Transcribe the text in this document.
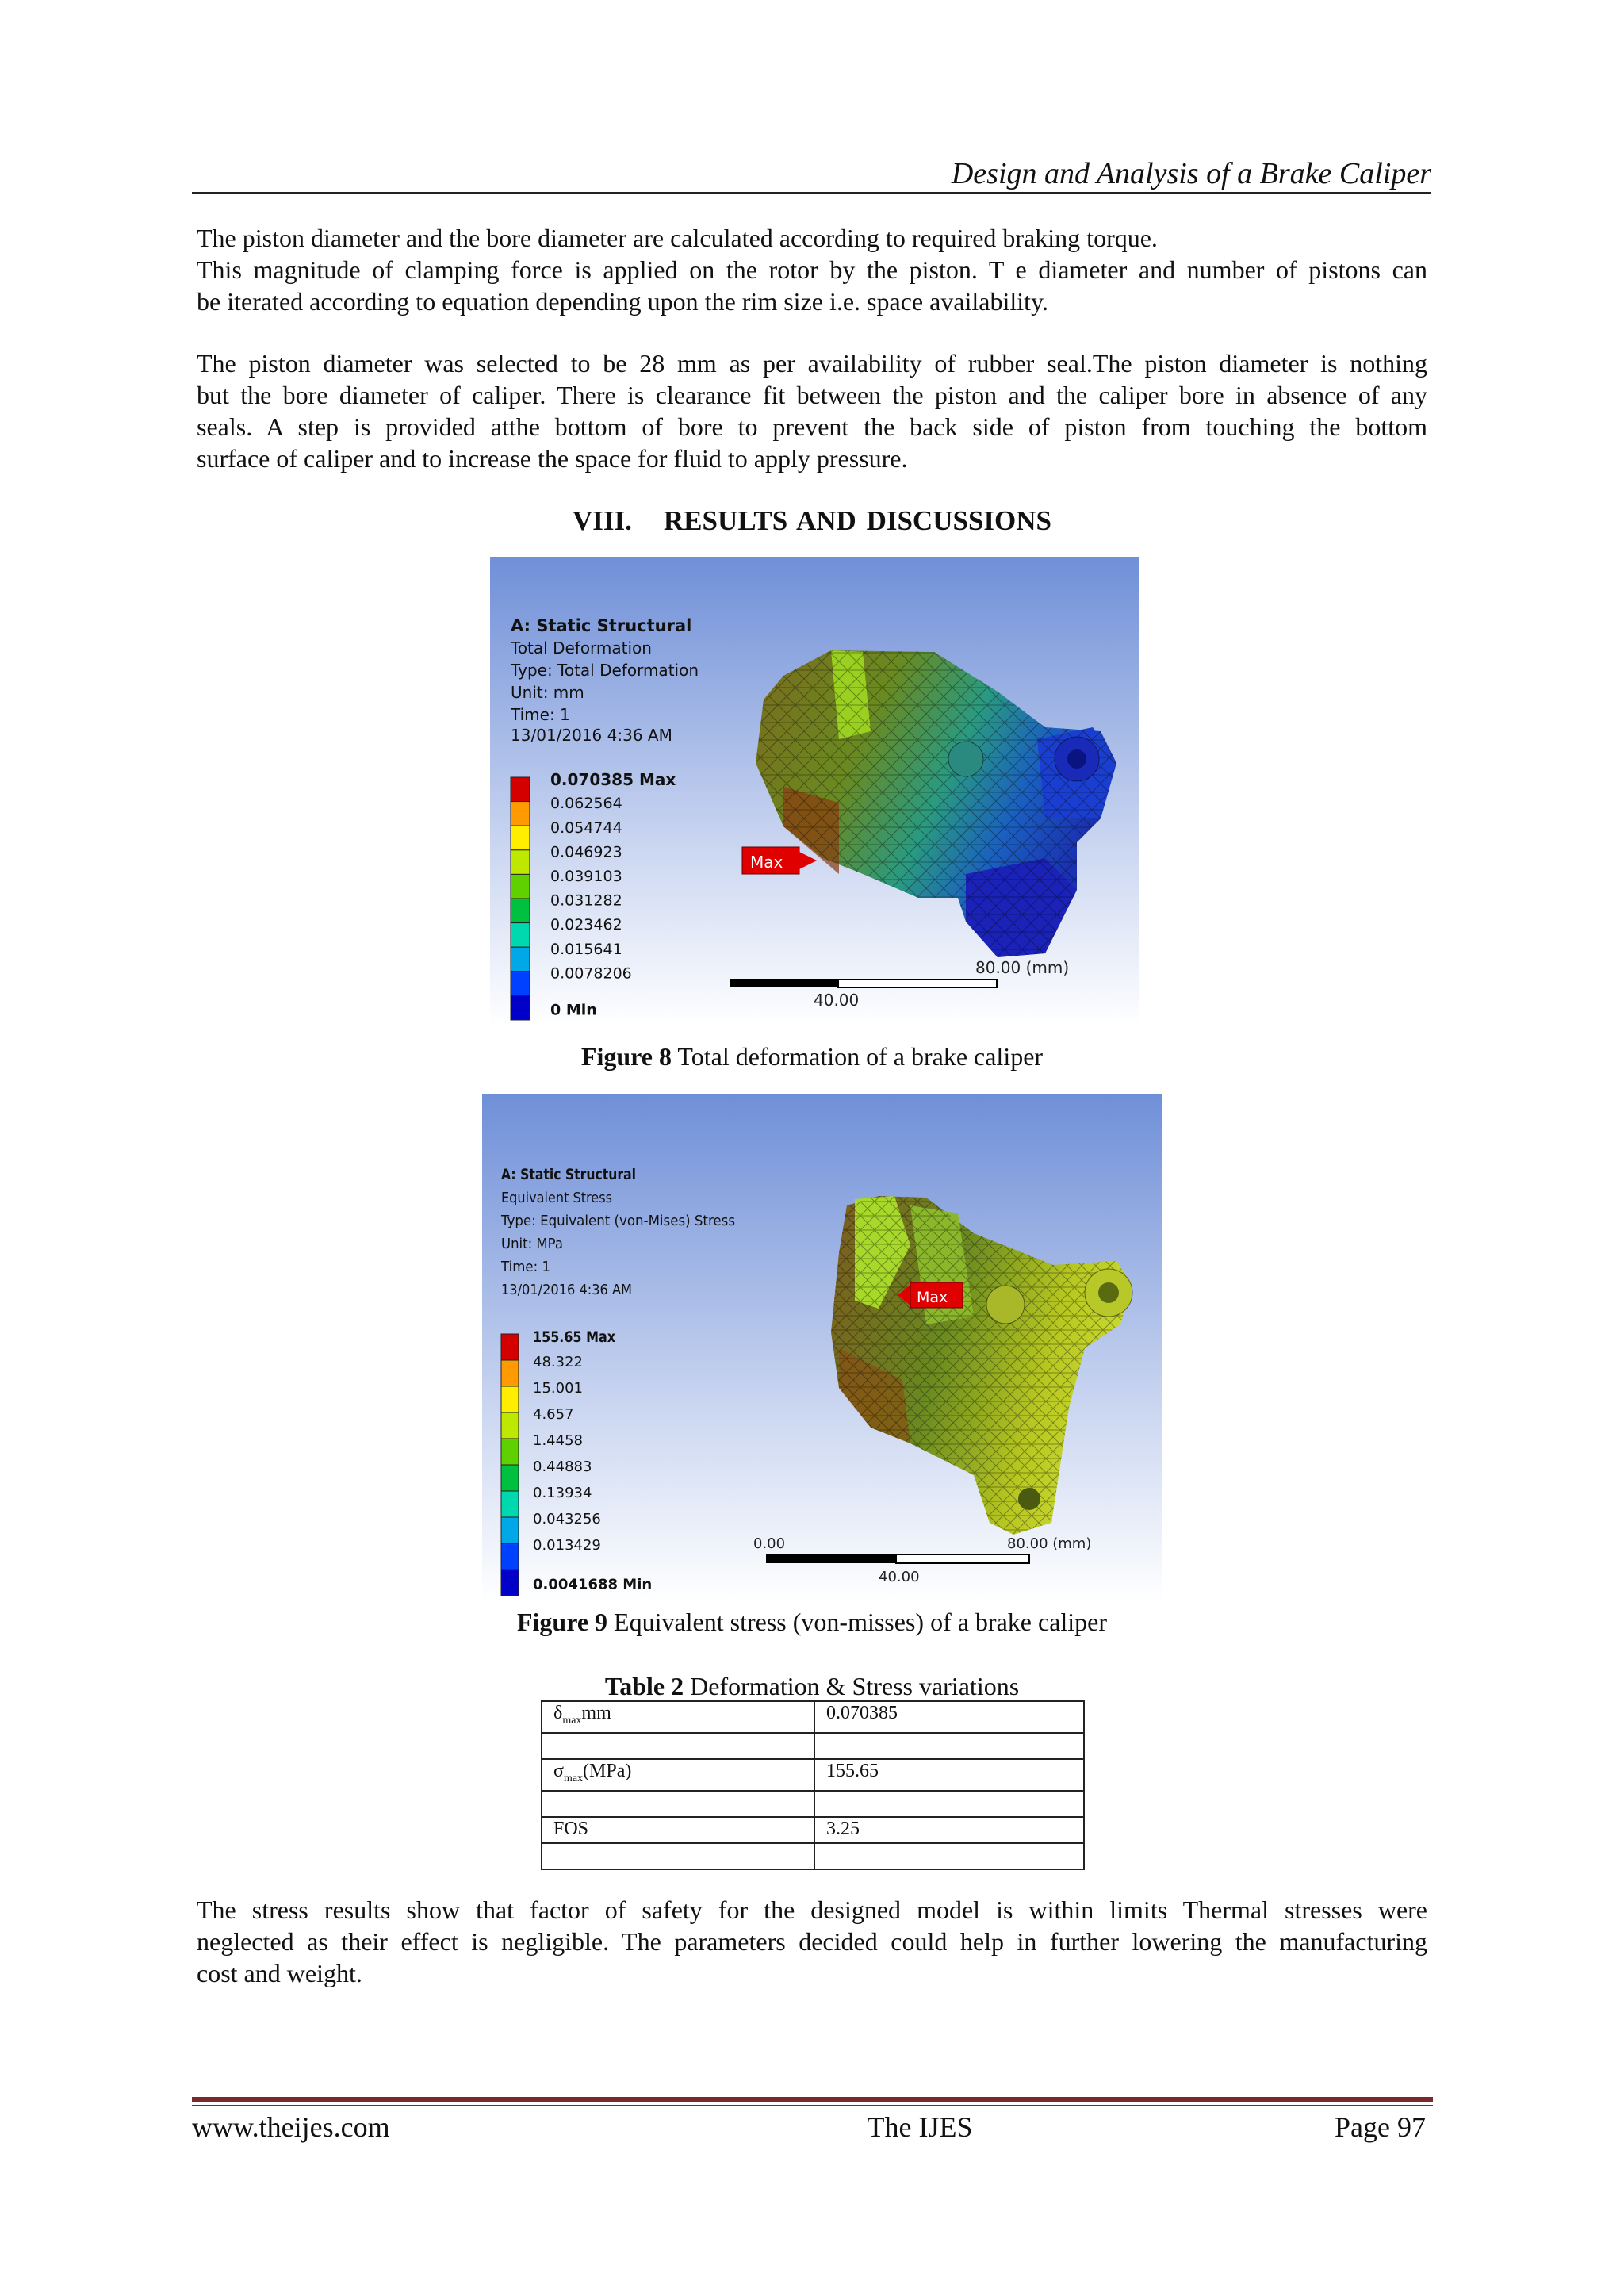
Design and Analysis of a Brake Caliper
The piston diameter and the bore diameter are calculated according to required braking torque.
This magnitude of clamping force is applied on the rotor by the piston. T e diameter and number of pistons can
be iterated according to equation depending upon the rim size i.e. space availability.
The piston diameter was selected to be 28 mm as per availability of rubber seal.The piston diameter is nothing
but the bore diameter of caliper. There is clearance fit between the piston and the caliper bore in absence of any
seals. A step is provided atthe bottom of bore to prevent the back side of piston from touching the bottom
surface of caliper and to increase the space for fluid to apply pressure.
VIII. RESULTS AND DISCUSSIONS
A: Static Structural
Total Deformation
Type: Total Deformation
Unit: mm
Time: 1
13/01/2016 4:36 AM
0.070385 Max
0.062564
0.054744
0.046923
0.039103
0.031282
0.023462
0.015641
0.0078206
0 Min
Max
80.00 (mm)
40.00
Figure 8 Total deformation of a brake caliper
A: Static Structural
Equivalent Stress
Type: Equivalent (von-Mises) Stress
Unit: MPa
Time: 1
13/01/2016 4:36 AM
155.65 Max
48.322
15.001
4.657
1.4458
0.44883
0.13934
0.043256
0.013429
0.0041688 Min
Max
0.00	80.00 (mm)
40.00
Figure 9 Equivalent stress (von-misses) of a brake caliper
Table 2 Deformation & Stress variations
$\delta_{max}mm$	0.070385

$\sigma_{max}(MPa)$	155.65

FOS	3.25

The stress results show that factor of safety for the designed model is within limits Thermal stresses were
neglected as their effect is negligible. The parameters decided could help in further lowering the manufacturing
cost and weight.
www.theijes.com	The IJES	Page 97
